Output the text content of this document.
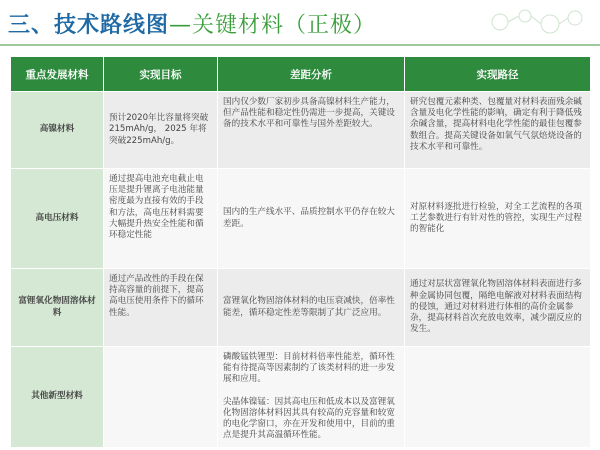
三、技术路线图—关键材料（正极）
重点发展材料	实现目标	差距分析	实现路径
高镍材料	预计2020年比容量将突破 215mAh/g， 2025 年将突破225mAh/g。	国内仅少数厂家初步具备高镍材料生产能力，但产品性能和稳定性仍需进一步提高，关键设备的技术水平和可靠性与国外差距较大。	研究包覆元素种类、包覆量对材料表面残余碱含量及电化学性能的影响，确定有利于降低残余碱含量，提高材料电化学性能的最佳包覆参数组合。提高关键设备如氧气气氛焙烧设备的技术水平和可靠性。
高电压材料	通过提高电池充电截止电压是提升锂离子电池能量密度最为直接有效的手段和方法，高电压材料需要大幅提升热安全性能和循环稳定性能	国内的生产线水平、品质控制水平仍存在较大差距。	对原材料逐批进行检验，对全工艺流程的各项工艺参数进行有针对性的管控，实现生产过程的智能化
富锂氧化物固溶体材料	通过产品改性的手段在保持高容量的前提下，提高高电压使用条件下的循环性能。	富锂氧化物固溶体材料的电压衰减快，倍率性能差，循环稳定性差等限制了其广泛应用。	通过对层状富锂氧化物固溶体材料表面进行多种金属协同包覆，隔绝电解液对材料表面结构的侵蚀，通过对材料进行体相的高价金属参杂，提高材料首次充放电效率，减少副反应的发生。
其他新型材料		磷酸锰铁锂型：目前材料倍率性能差，循环性能有待提高等因素制约了该类材料的进一步发展和应用。

尖晶体镍锰：因其高电压和低成本以及富锂氧化物固溶体材料因其具有较高的克容量和较宽的电化学窗口，亦在开发和使用中，目前的重点是提升其高温循环性能。	
